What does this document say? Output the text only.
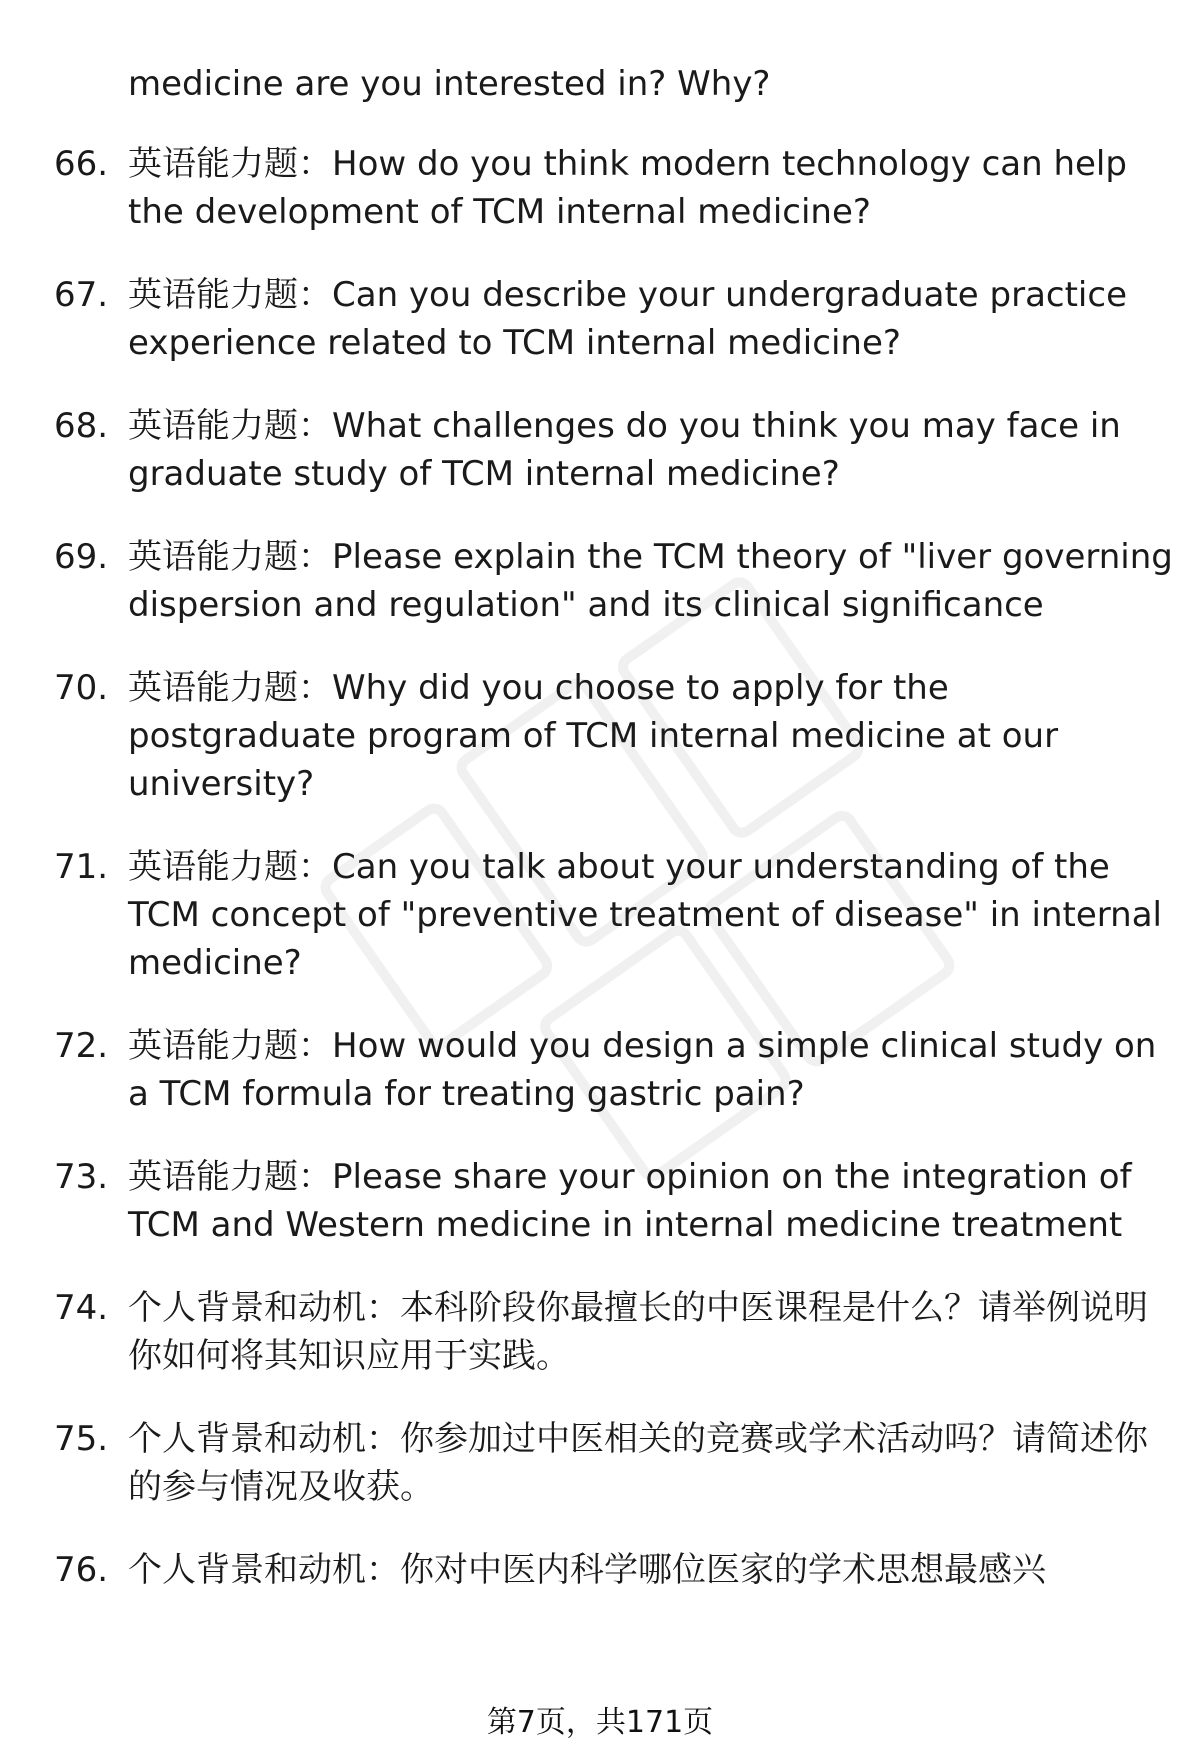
medicine are you interested in? Why?
66. 英语能力题：How do you think modern technology can help the development of TCM internal medicine?
67. 英语能力题：Can you describe your undergraduate practice experience related to TCM internal medicine?
68. 英语能力题：What challenges do you think you may face in graduate study of TCM internal medicine?
69. 英语能力题：Please explain the TCM theory of "liver governing dispersion and regulation" and its clinical significance
70. 英语能力题：Why did you choose to apply for the postgraduate program of TCM internal medicine at our university?
71. 英语能力题：Can you talk about your understanding of the TCM concept of "preventive treatment of disease" in internal medicine?
72. 英语能力题：How would you design a simple clinical study on a TCM formula for treating gastric pain?
73. 英语能力题：Please share your opinion on the integration of TCM and Western medicine in internal medicine treatment
74. 个人背景和动机：本科阶段你最擅长的中医课程是什么？请举例说明你如何将其知识应用于实践。
75. 个人背景和动机：你参加过中医相关的竞赛或学术活动吗？请简述你的参与情况及收获。
76. 个人背景和动机：你对中医内科学哪位医家的学术思想最感兴
第7页，共171页
